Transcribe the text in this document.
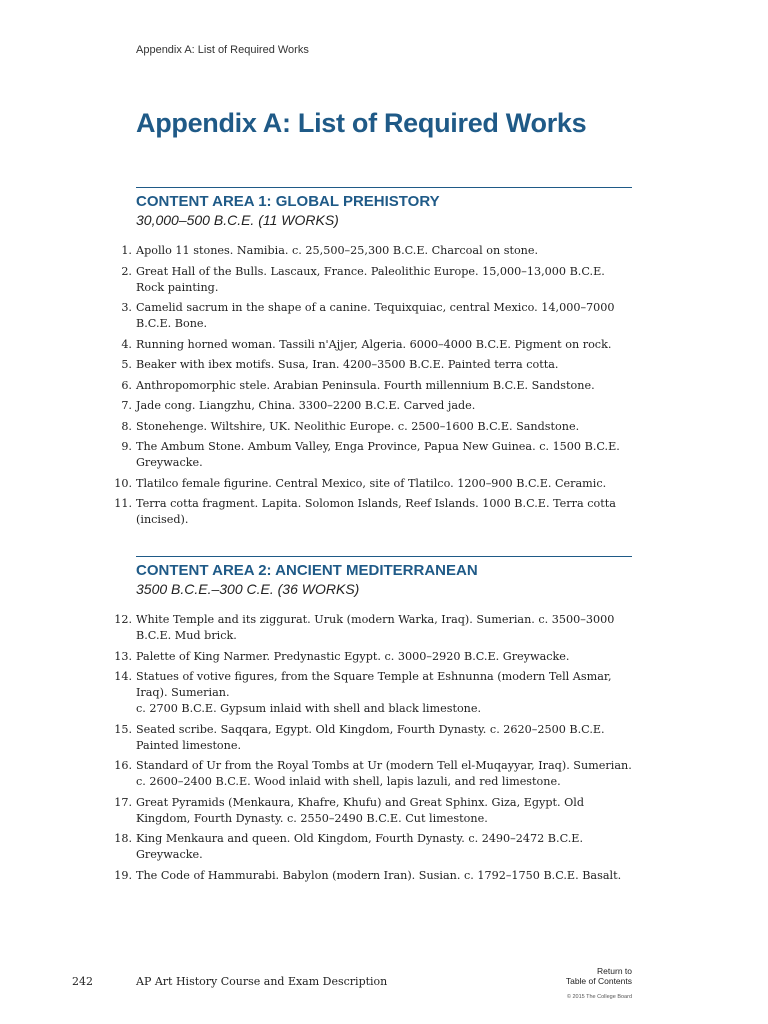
Appendix A: List of Required Works
Appendix A: List of Required Works
CONTENT AREA 1: GLOBAL PREHISTORY
30,000–500 B.C.E. (11 WORKS)
1. Apollo 11 stones. Namibia. c. 25,500–25,300 B.C.E. Charcoal on stone.
2. Great Hall of the Bulls. Lascaux, France. Paleolithic Europe. 15,000–13,000 B.C.E. Rock painting.
3. Camelid sacrum in the shape of a canine. Tequixquiac, central Mexico. 14,000–7000 B.C.E. Bone.
4. Running horned woman. Tassili n'Ajjer, Algeria. 6000–4000 B.C.E. Pigment on rock.
5. Beaker with ibex motifs. Susa, Iran. 4200–3500 B.C.E. Painted terra cotta.
6. Anthropomorphic stele. Arabian Peninsula. Fourth millennium B.C.E. Sandstone.
7. Jade cong. Liangzhu, China. 3300–2200 B.C.E. Carved jade.
8. Stonehenge. Wiltshire, UK. Neolithic Europe. c. 2500–1600 B.C.E. Sandstone.
9. The Ambum Stone. Ambum Valley, Enga Province, Papua New Guinea. c. 1500 B.C.E. Greywacke.
10. Tlatilco female figurine. Central Mexico, site of Tlatilco. 1200–900 B.C.E. Ceramic.
11. Terra cotta fragment. Lapita. Solomon Islands, Reef Islands. 1000 B.C.E. Terra cotta (incised).
CONTENT AREA 2: ANCIENT MEDITERRANEAN
3500 B.C.E.–300 C.E. (36 WORKS)
12. White Temple and its ziggurat. Uruk (modern Warka, Iraq). Sumerian. c. 3500–3000 B.C.E. Mud brick.
13. Palette of King Narmer. Predynastic Egypt. c. 3000–2920 B.C.E. Greywacke.
14. Statues of votive figures, from the Square Temple at Eshnunna (modern Tell Asmar, Iraq). Sumerian.
c. 2700 B.C.E. Gypsum inlaid with shell and black limestone.
15. Seated scribe. Saqqara, Egypt. Old Kingdom, Fourth Dynasty. c. 2620–2500 B.C.E. Painted limestone.
16. Standard of Ur from the Royal Tombs at Ur (modern Tell el-Muqayyar, Iraq). Sumerian. c. 2600–2400 B.C.E. Wood inlaid with shell, lapis lazuli, and red limestone.
17. Great Pyramids (Menkaura, Khafre, Khufu) and Great Sphinx. Giza, Egypt. Old Kingdom, Fourth Dynasty. c. 2550–2490 B.C.E. Cut limestone.
18. King Menkaura and queen. Old Kingdom, Fourth Dynasty. c. 2490–2472 B.C.E. Greywacke.
19. The Code of Hammurabi. Babylon (modern Iran). Susian. c. 1792–1750 B.C.E. Basalt.
242	AP Art History Course and Exam Description
Return to
Table of Contents
© 2015 The College Board
